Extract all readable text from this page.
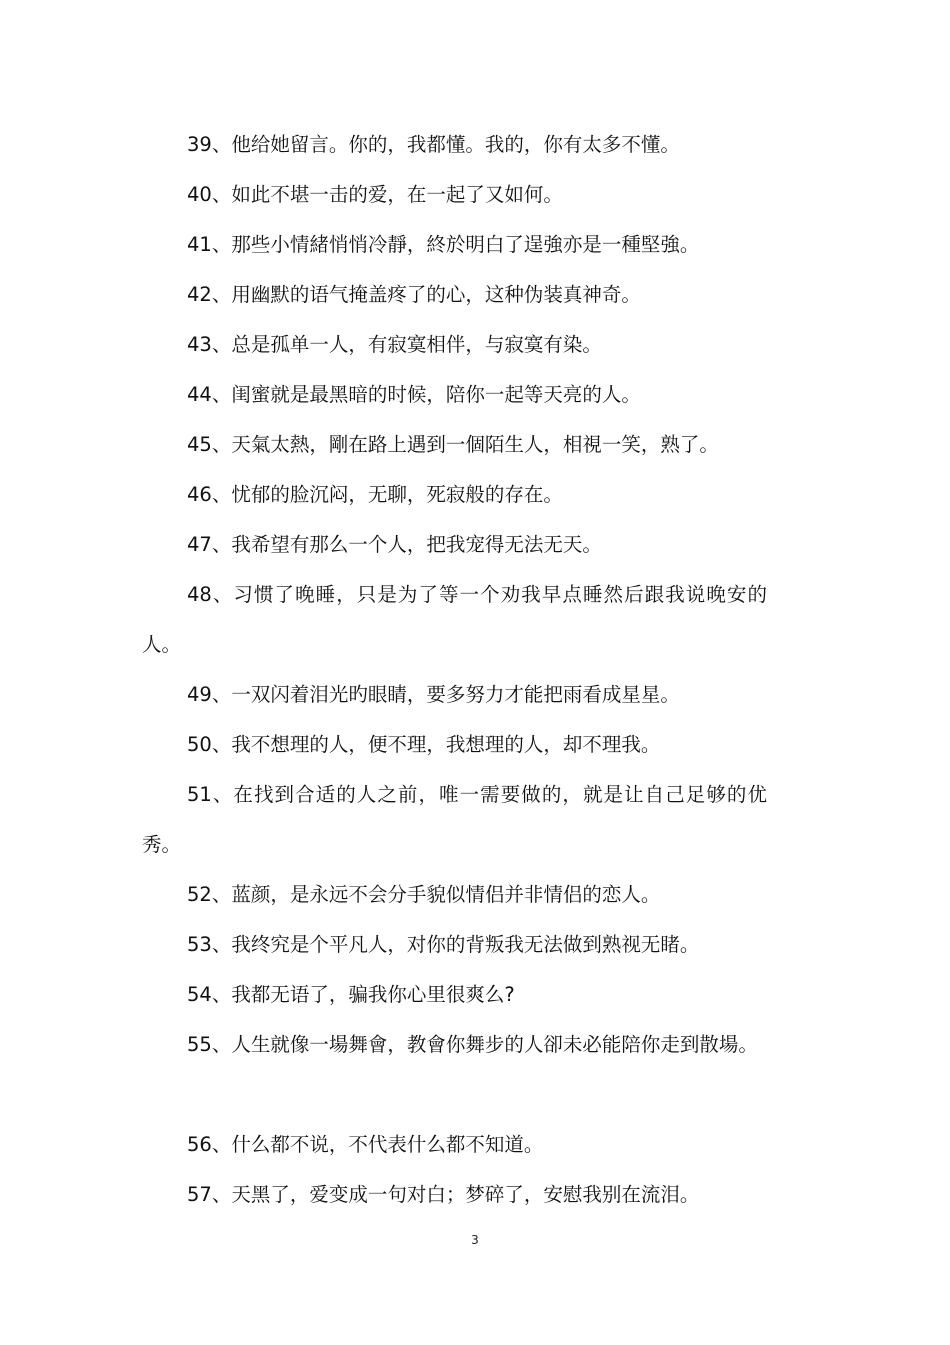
39、他给她留言。你的，我都懂。我的，你有太多不懂。

40、如此不堪一击的爱，在一起了又如何。

41、那些小情緒悄悄冷靜，終於明白了逞強亦是一種堅強。

42、用幽默的语气掩盖疼了的心，这种伪装真神奇。

43、总是孤单一人，有寂寞相伴，与寂寞有染。

44、闺蜜就是最黑暗的时候，陪你一起等天亮的人。

45、天氣太熱，剛在路上遇到一個陌生人，相視一笑，熟了。

46、忧郁的脸沉闷，无聊，死寂般的存在。

47、我希望有那么一个人，把我宠得无法无天。

48、习惯了晚睡，只是为了等一个劝我早点睡然后跟我说晚安的人。

49、一双闪着泪光旳眼睛，要多努力才能把雨看成星星。

50、我不想理的人，便不理，我想理的人，却不理我。

51、在找到合适的人之前，唯一需要做的，就是让自己足够的优秀。

52、蓝颜，是永远不会分手貌似情侣并非情侣的恋人。

53、我终究是个平凡人，对你的背叛我无法做到熟视无睹。

54、我都无语了，骗我你心里很爽么?

55、人生就像一場舞會，教會你舞步的人卻未必能陪你走到散場。

56、什么都不说，不代表什么都不知道。

57、天黑了，爱变成一句对白；梦碎了，安慰我别在流泪。

3
